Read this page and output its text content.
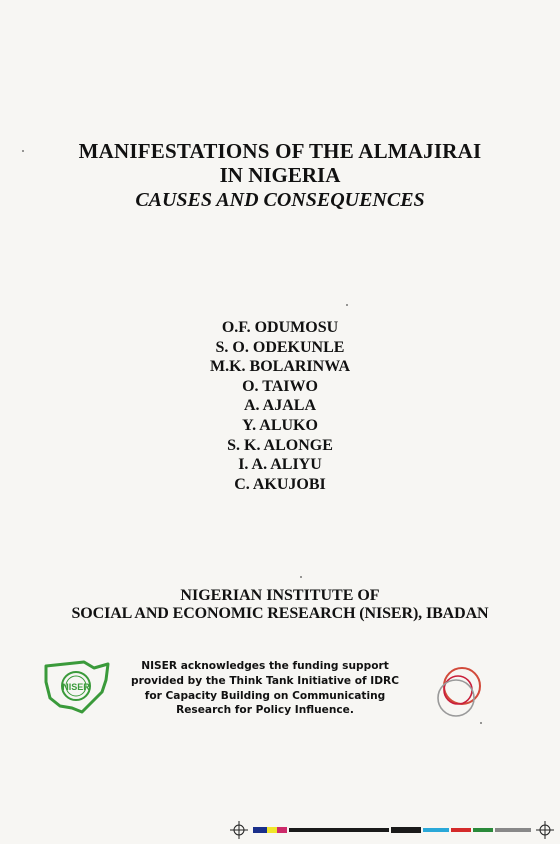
MANIFESTATIONS OF THE ALMAJIRAI
IN NIGERIA
CAUSES AND CONSEQUENCES
O.F. ODUMOSU
S. O. ODEKUNLE
M.K. BOLARINWA
O. TAIWO
A. AJALA
Y. ALUKO
S. K. ALONGE
I. A. ALIYU
C. AKUJOBI
NIGERIAN INSTITUTE OF
SOCIAL AND ECONOMIC RESEARCH (NISER), IBADAN
NISER
NISER acknowledges the funding support
provided by the Think Tank Initiative of IDRC
for Capacity Building on Communicating
Research for Policy Influence.
